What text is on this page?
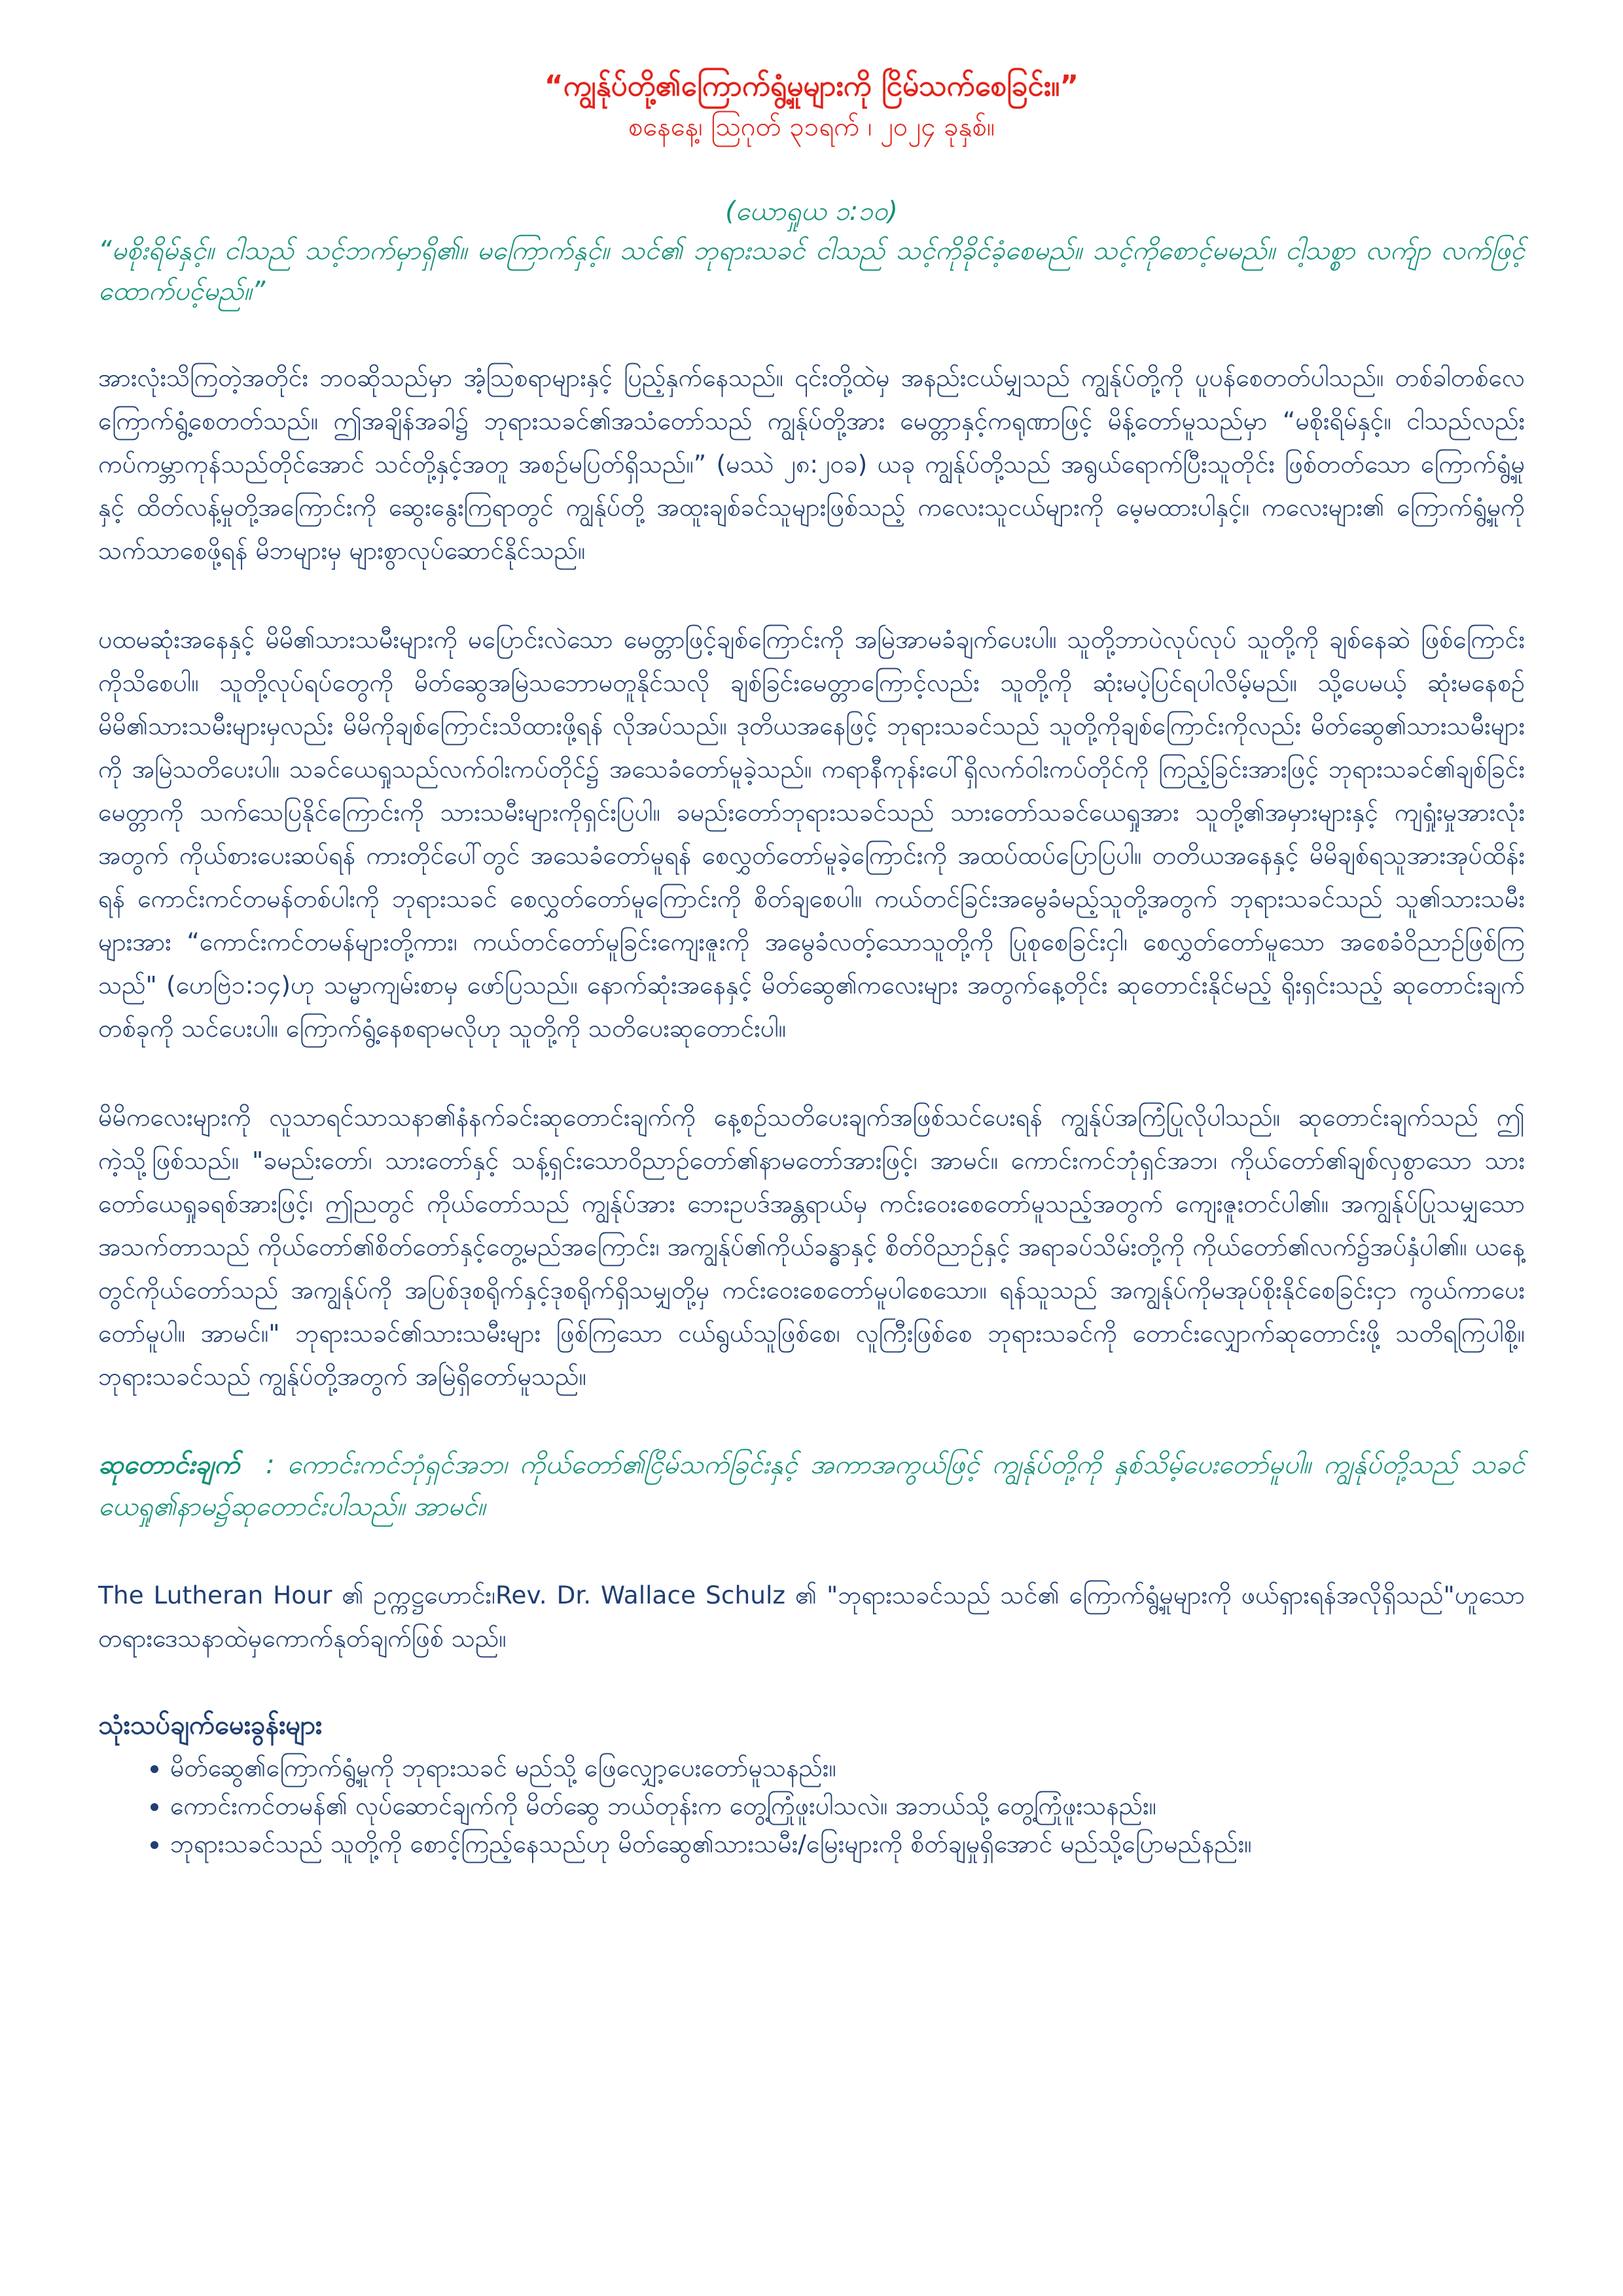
“ကျွန်ုပ်တို့၏ကြောက်ရွံ့မှုများကို ငြိမ်သက်စေခြင်း။”
စနေနေ့၊ ဩဂုတ် ၃၁ရက် ၊ ၂၀၂၄ ခုနှစ်။
(ယောရှုယ ၁:၁၀)

“မစိုးရိမ်နှင့်။ ငါသည် သင့်ဘက်မှာရှိ၏။ မကြောက်နှင့်။ သင်၏ ဘုရားသခင် ငါသည် သင့်ကိုခိုင်ခံ့စေမည်။ သင့်ကိုစောင့်မမည်။ ငါ့သစ္စာ လက်ျာ လက်ဖြင့် ထောက်ပင့်မည်။”

အားလုံးသိကြတဲ့အတိုင်း ဘဝဆိုသည်မှာ အံ့ဩစရာများနှင့် ပြည့်နှက်နေသည်။ ၎င်းတို့ထဲမှ အနည်းငယ်မျှသည် ကျွန်ုပ်တို့ကို ပူပန်စေတတ်ပါသည်။ တစ်ခါတစ်လေ ကြောက်ရွံ့စေတတ်သည်။ ဤအချိန်အခါ၌ ဘုရားသခင်၏အသံတော်သည် ကျွန်ုပ်တို့အား မေတ္တာနှင့်ကရုဏာဖြင့် မိန့်တော်မူသည်မှာ “မစိုးရိမ်နှင့်။ ငါသည်လည်း ကပ်ကမ္ဘာကုန်သည်တိုင်အောင် သင်တို့နှင့်အတူ အစဉ်မပြတ်ရှိသည်။” (မဿဲ ၂၈:၂၀ခ) ယခု ကျွန်ုပ်တို့သည် အရွယ်ရောက်ပြီးသူတိုင်း ဖြစ်တတ်သော ကြောက်ရွံ့မှုနှင့် ထိတ်လန့်မှုတို့အကြောင်းကို ဆွေးနွေးကြရာတွင် ကျွန်ုပ်တို့ အထူးချစ်ခင်သူများဖြစ်သည့် ကလေးသူငယ်များကို မေ့မထားပါနှင့်။ ကလေးများ၏ ကြောက်ရွံ့မှုကို သက်သာစေဖို့ရန် မိဘများမှ များစွာလုပ်ဆောင်နိုင်သည်။

ပထမဆုံးအနေနှင့် မိမိ၏သားသမီးများကို မပြောင်းလဲသော မေတ္တာဖြင့်ချစ်ကြောင်းကို အမြဲအာမခံချက်ပေးပါ။ သူတို့ဘာပဲလုပ်လုပ် သူတို့ကို ချစ်နေဆဲ ဖြစ်ကြောင်းကိုသိစေပါ။ သူတို့လုပ်ရပ်တွေကို မိတ်ဆွေအမြဲသဘောမတူနိုင်သလို ချစ်ခြင်းမေတ္တာကြောင့်လည်း သူတို့ကို ဆုံးမပဲ့ပြင်ရပါလိမ့်မည်။ သို့ပေမယ့် ဆုံးမနေစဉ် မိမိ၏သားသမီးများမှလည်း မိမိကိုချစ်ကြောင်းသိထားဖို့ရန် လိုအပ်သည်။ ဒုတိယအနေဖြင့် ဘုရားသခင်သည် သူတို့ကိုချစ်ကြောင်းကိုလည်း မိတ်ဆွေ၏သားသမီးများကို အမြဲသတိပေးပါ။ သခင်ယေရှုသည်လက်ဝါးကပ်တိုင်၌ အသေခံတော်မူခဲ့သည်။ ကရာနီကုန်းပေါ်ရှိလက်ဝါးကပ်တိုင်ကို ကြည့်ခြင်းအားဖြင့် ဘုရားသခင်၏ချစ်ခြင်းမေတ္တာကို သက်သေပြနိုင်ကြောင်းကို သားသမီးများကိုရှင်းပြပါ။ ခမည်းတော်ဘုရားသခင်သည် သားတော်သခင်ယေရှုအား သူတို့၏အမှားများနှင့် ကျရှုံးမှုအားလုံးအတွက် ကိုယ်စားပေးဆပ်ရန် ကားတိုင်ပေါ်တွင် အသေခံတော်မူရန် စေလွှတ်တော်မူခဲ့ကြောင်းကို အထပ်ထပ်ပြောပြပါ။ တတိယအနေနှင့် မိမိချစ်ရသူအားအုပ်ထိန်းရန် ကောင်းကင်တမန်တစ်ပါးကို ဘုရားသခင် စေလွှတ်တော်မူကြောင်းကို စိတ်ချစေပါ။ ကယ်တင်ခြင်းအမွေခံမည့်သူတို့အတွက် ဘုရားသခင်သည် သူ၏သားသမီးများအား “ကောင်းကင်တမန်များတို့ကား၊ ကယ်တင်တော်မူခြင်းကျေးဇူးကို အမွေခံလတ့်သောသူတို့ကို ပြုစုစေခြင်းငှါ၊ စေလွှတ်တော်မူသော အစေခံဝိညာဉ်ဖြစ်ကြသည်" (ဟေဗြဲ၁:၁၄)ဟု သမ္မာကျမ်းစာမှ ဖော်ပြသည်။ နောက်ဆုံးအနေနှင့် မိတ်ဆွေ၏ကလေးများ အတွက်နေ့တိုင်း ဆုတောင်းနိုင်မည့် ရိုးရှင်းသည့် ဆုတောင်းချက်တစ်ခုကို သင်ပေးပါ။ ကြောက်ရွံ့နေစရာမလိုဟု သူတို့ကို သတိပေးဆုတောင်းပါ။

မိမိကလေးများကို လူသာရင်သာသနာ၏နံနက်ခင်းဆုတောင်းချက်ကို နေ့စဉ်သတိပေးချက်အဖြစ်သင်ပေးရန် ကျွန်ုပ်အကြံပြုလိုပါသည်။ ဆုတောင်းချက်သည် ဤကဲ့သို့ဖြစ်သည်။ "ခမည်းတော်၊ သားတော်နှင့် သန့်ရှင်းသောဝိညာဉ်တော်၏နာမတော်အားဖြင့်၊ အာမင်။ ကောင်းကင်ဘုံရှင်အဘ၊ ကိုယ်တော်၏ချစ်လှစွာသော သားတော်ယေရှုခရစ်အားဖြင့်၊ ဤညတွင် ကိုယ်တော်သည် ကျွန်ုပ်အား ဘေးဥပဒ်အန္တရာယ်မှ ကင်းဝေးစေတော်မူသည့်အတွက် ကျေးဇူးတင်ပါ၏။ အကျွန်ုပ်ပြုသမျှသော အသက်တာသည် ကိုယ်တော်၏စိတ်တော်နှင့်တွေ့မည်အကြောင်း၊ အကျွန်ုပ်၏ကိုယ်ခန္ဓာနှင့် စိတ်ဝိညာဉ်နှင့် အရာခပ်သိမ်းတို့ကို ကိုယ်တော်၏လက်၌အပ်နှံပါ၏။ ယနေ့တွင်ကိုယ်တော်သည် အကျွန်ုပ်ကို အပြစ်ဒုစရိုက်နှင့်ဒုစရိုက်ရှိသမျှတို့မှ ကင်းဝေးစေတော်မူပါစေသော။ ရန်သူသည် အကျွန်ုပ်ကိုမအုပ်စိုးနိုင်စေခြင်းငှာ ကွယ်ကာပေးတော်မူပါ။ အာမင်။" ဘုရားသခင်၏သားသမီးများ ဖြစ်ကြသော ငယ်ရွယ်သူဖြစ်စေ၊ လူကြီးဖြစ်စေ ဘုရားသခင်ကို တောင်းလျှောက်ဆုတောင်းဖို့ သတိရကြပါစို့။ ဘုရားသခင်သည် ကျွန်ုပ်တို့အတွက် အမြဲရှိတော်မူသည်။

ဆုတောင်းချက် : ကောင်းကင်ဘုံရှင်အဘ၊ ကိုယ်တော်၏ငြိမ်သက်ခြင်းနှင့် အကာအကွယ်ဖြင့် ကျွန်ုပ်တို့ကို နှစ်သိမ့်ပေးတော်မူပါ။ ကျွန်ုပ်တို့သည် သခင်ယေရှု၏နာမ၌ဆုတောင်းပါသည်။ အာမင်။

The Lutheran Hour ၏ ဥက္ကဋ္ဌဟောင်း၊Rev. Dr. Wallace Schulz ၏ "ဘုရားသခင်သည် သင်၏ ကြောက်ရွံ့မှုများကို ဖယ်ရှားရန်အလိုရှိသည်"ဟူသောတရားဒေသနာထဲမှကောက်နုတ်ချက်ဖြစ် သည်။

သုံးသပ်ချက်မေးခွန်းများ
• မိတ်ဆွေ၏ကြောက်ရွံ့မှုကို ဘုရားသခင် မည်သို့ ဖြေလျှော့ပေးတော်မူသနည်း။
• ကောင်းကင်တမန်၏ လုပ်ဆောင်ချက်ကို မိတ်ဆွေ ဘယ်တုန်းက တွေ့ကြုံဖူးပါသလဲ။ အဘယ်သို့ တွေ့ကြုံဖူးသနည်း။
• ဘုရားသခင်သည် သူတို့ကို စောင့်ကြည့်နေသည်ဟု မိတ်ဆွေ၏သားသမီး/မြေးများကို စိတ်ချမှုရှိအောင် မည်သို့ပြောမည်နည်း။
